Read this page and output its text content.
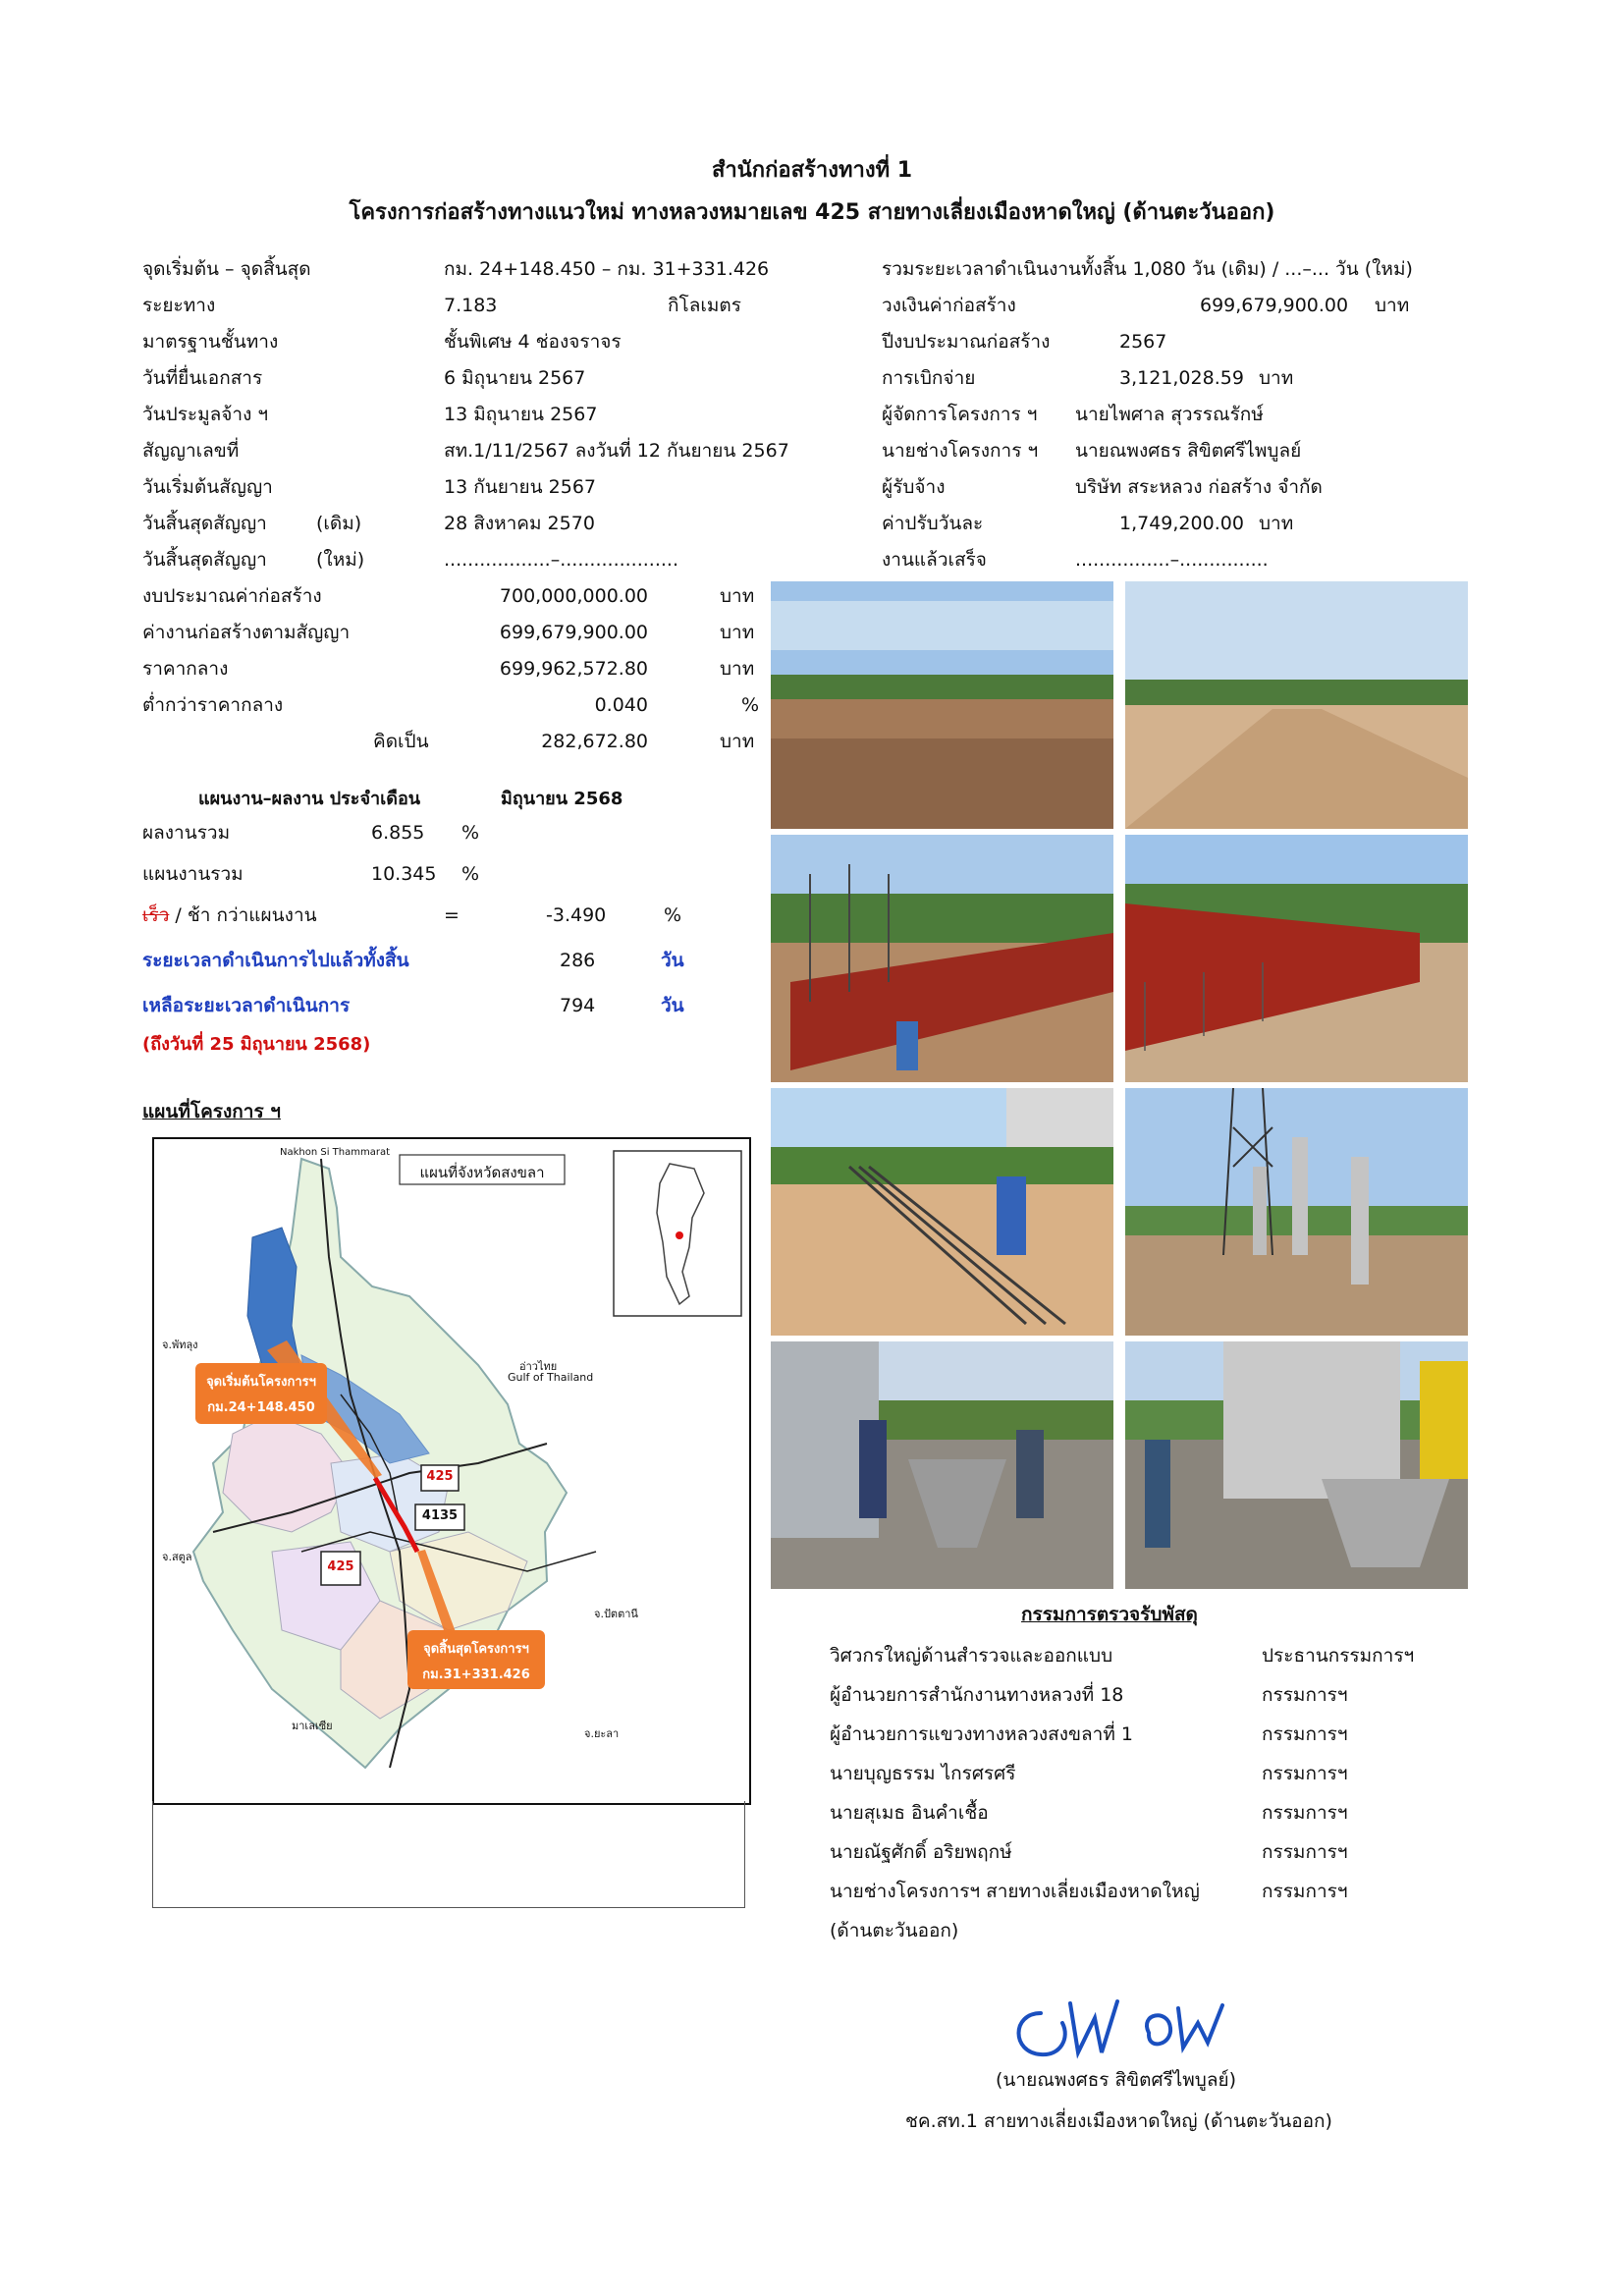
สำนักก่อสร้างทางที่ 1
โครงการก่อสร้างทางแนวใหม่ ทางหลวงหมายเลข 425 สายทางเลี่ยงเมืองหาดใหญ่ (ด้านตะวันออก)
จุดเริ่มต้น – จุดสิ้นสุด	กม. 24+148.450 – กม. 31+331.426
ระยะทาง	7.183	กิโลเมตร
มาตรฐานชั้นทาง	ชั้นพิเศษ 4 ช่องจราจร
วันที่ยื่นเอกสาร	6 มิถุนายน 2567
วันประมูลจ้าง ฯ	13 มิถุนายน 2567
สัญญาเลขที่	สท.1/11/2567 ลงวันที่ 12 กันยายน 2567
วันเริ่มต้นสัญญา	13 กันยายน 2567
วันสิ้นสุดสัญญา	(เดิม)	28 สิงหาคม 2570
วันสิ้นสุดสัญญา	(ใหม่)	..................–....................
รวมระยะเวลาดำเนินงานทั้งสิ้น 1,080 วัน (เดิม) / ...–... วัน (ใหม่)
วงเงินค่าก่อสร้าง	699,679,900.00 บาท
ปีงบประมาณก่อสร้าง	2567
การเบิกจ่าย	3,121,028.59 บาท
ผู้จัดการโครงการ ฯ นายไพศาล สุวรรณรักษ์
นายช่างโครงการ ฯ นายณพงศธร สิขิตศรีไพบูลย์
ผู้รับจ้าง	บริษัท สระหลวง ก่อสร้าง จำกัด
ค่าปรับวันละ	1,749,200.00 บาท
งานแล้วเสร็จ	................–...............
งบประมาณค่าก่อสร้าง	700,000,000.00	บาท
ค่างานก่อสร้างตามสัญญา	699,679,900.00	บาท
ราคากลาง	699,962,572.80	บาท
ต่ำกว่าราคากลาง	0.040	%
คิดเป็น	282,672.80	บาท
แผนงาน–ผลงาน ประจำเดือน	มิถุนายน 2568
ผลงานรวม	6.855 %
แผนงานรวม	10.345 %
เร็ว / ช้า กว่าแผนงาน	=	-3.490	%
ระยะเวลาดำเนินการไปแล้วทั้งสิ้น	286	วัน
เหลือระยะเวลาดำเนินการ	794	วัน
(ถึงวันที่ 25 มิถุนายน 2568)
แผนที่โครงการ ฯ
แผนที่จังหวัดสงขลา
จุดเริ่มต้นโครงการฯ
กม.24+148.450
จุดสิ้นสุดโครงการฯ
กม.31+331.426
425
4135
425
อ่าวไทย
Gulf of Thailand
Nakhon Si Thammarat
จ.พัทลุง
จ.สตูล
มาเลเซีย
จ.ปัตตานี
จ.ยะลา
กรรมการตรวจรับพัสดุ
วิศวกรใหญ่ด้านสำรวจและออกแบบ	ประธานกรรมการฯ
ผู้อำนวยการสำนักงานทางหลวงที่ 18	กรรมการฯ
ผู้อำนวยการแขวงทางหลวงสงขลาที่ 1	กรรมการฯ
นายบุญธรรม ไกรศรศรี	กรรมการฯ
นายสุเมธ อินคำเชื้อ	กรรมการฯ
นายณัฐศักดิ์ อริยพฤกษ์	กรรมการฯ
นายช่างโครงการฯ สายทางเลี่ยงเมืองหาดใหญ่	กรรมการฯ
(ด้านตะวันออก)
(นายณพงศธร สิขิตศรีไพบูลย์)
ชค.สท.1 สายทางเลี่ยงเมืองหาดใหญ่ (ด้านตะวันออก)
